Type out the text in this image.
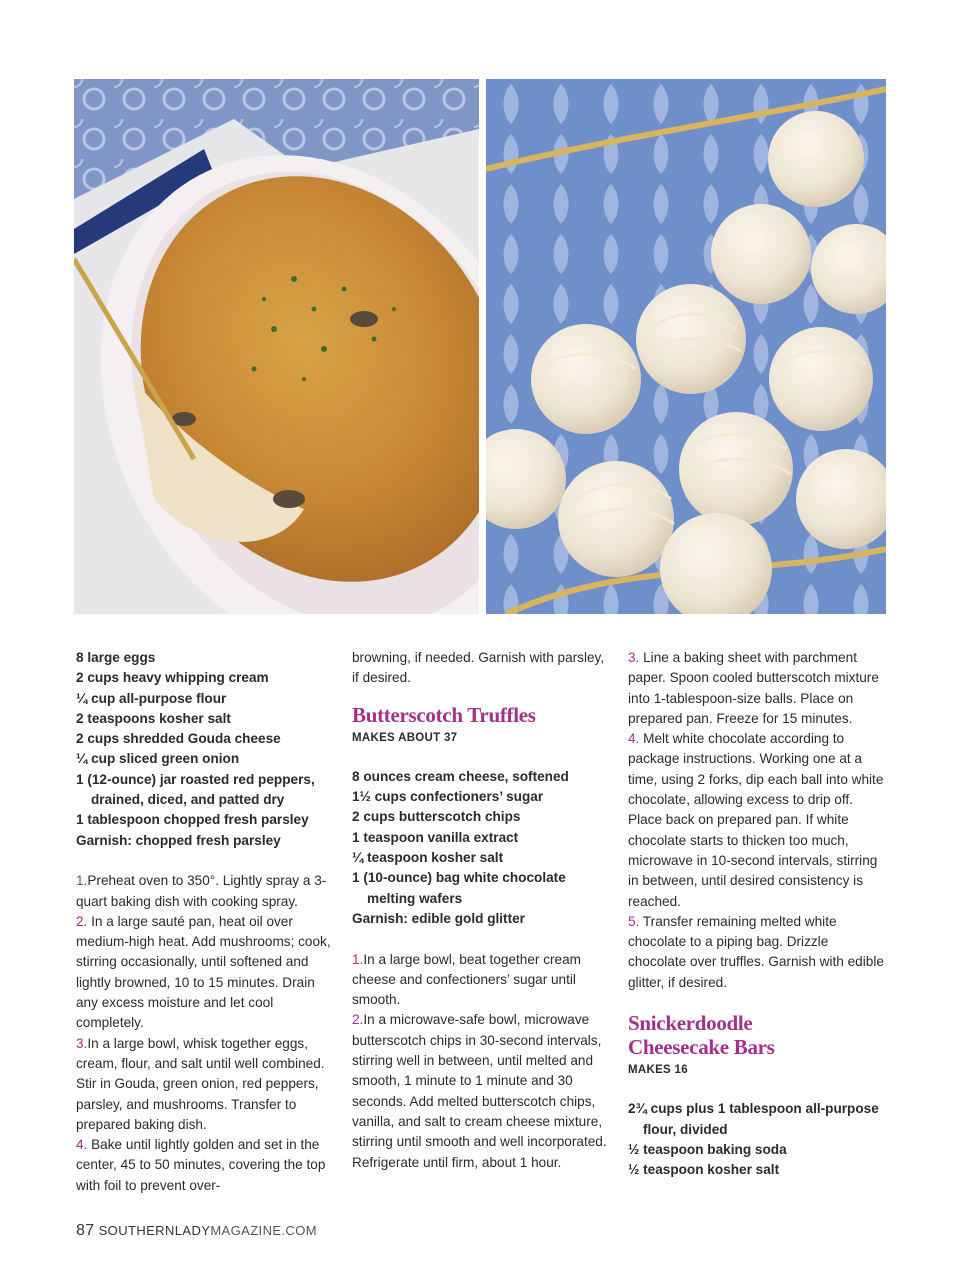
8 large eggs

2 cups heavy whipping cream

¼ cup all-purpose flour

2 teaspoons kosher salt

2 cups shredded Gouda cheese

¼ cup sliced green onion

1 (12-ounce) jar roasted red peppers,
drained, diced, and patted dry

1 tablespoon chopped fresh parsley

Garnish: chopped fresh parsley

1.Preheat oven to 350°. Lightly spray a 3-quart baking dish with cooking spray.

2. In a large sauté pan, heat oil over medium-high heat. Add mushrooms; cook, stirring occasionally, until softened and lightly browned, 10 to 15 minutes. Drain any excess moisture and let cool completely.

3.In a large bowl, whisk together eggs, cream, flour, and salt until well combined. Stir in Gouda, green onion, red peppers, parsley, and mushrooms. Transfer to prepared baking dish.

4. Bake until lightly golden and set in the center, 45 to 50 minutes, covering the top with foil to prevent over-

browning, if needed. Garnish with parsley, if desired.

Butterscotch Truffles

MAKES ABOUT 37

8 ounces cream cheese, softened

1½ cups confectioners’ sugar

2 cups butterscotch chips

1 teaspoon vanilla extract

¼ teaspoon kosher salt

1 (10-ounce) bag white chocolate
melting wafers

Garnish: edible gold glitter

1.In a large bowl, beat together cream cheese and confectioners’ sugar until smooth.

2.In a microwave-safe bowl, microwave butterscotch chips in 30-second intervals, stirring well in between, until melted and smooth, 1 minute to 1 minute and 30 seconds. Add melted butterscotch chips, vanilla, and salt to cream cheese mixture, stirring until smooth and well incorporated. Refrigerate until firm, about 1 hour.

3. Line a baking sheet with parchment paper. Spoon cooled butterscotch mixture into 1-tablespoon-size balls. Place on prepared pan. Freeze for 15 minutes.

4. Melt white chocolate according to package instructions. Working one at a time, using 2 forks, dip each ball into white chocolate, allowing excess to drip off. Place back on prepared pan. If white chocolate starts to thicken too much, microwave in 10-second intervals, stirring in between, until desired consistency is reached.

5. Transfer remaining melted white chocolate to a piping bag. Drizzle chocolate over truffles. Garnish with edible glitter, if desired.

Snickerdoodle
Cheesecake Bars

MAKES 16

2¾ cups plus 1 tablespoon all-purpose
flour, divided

½ teaspoon baking soda

½ teaspoon kosher salt

87 SOUTHERNLADYMAGAZINE.COM
